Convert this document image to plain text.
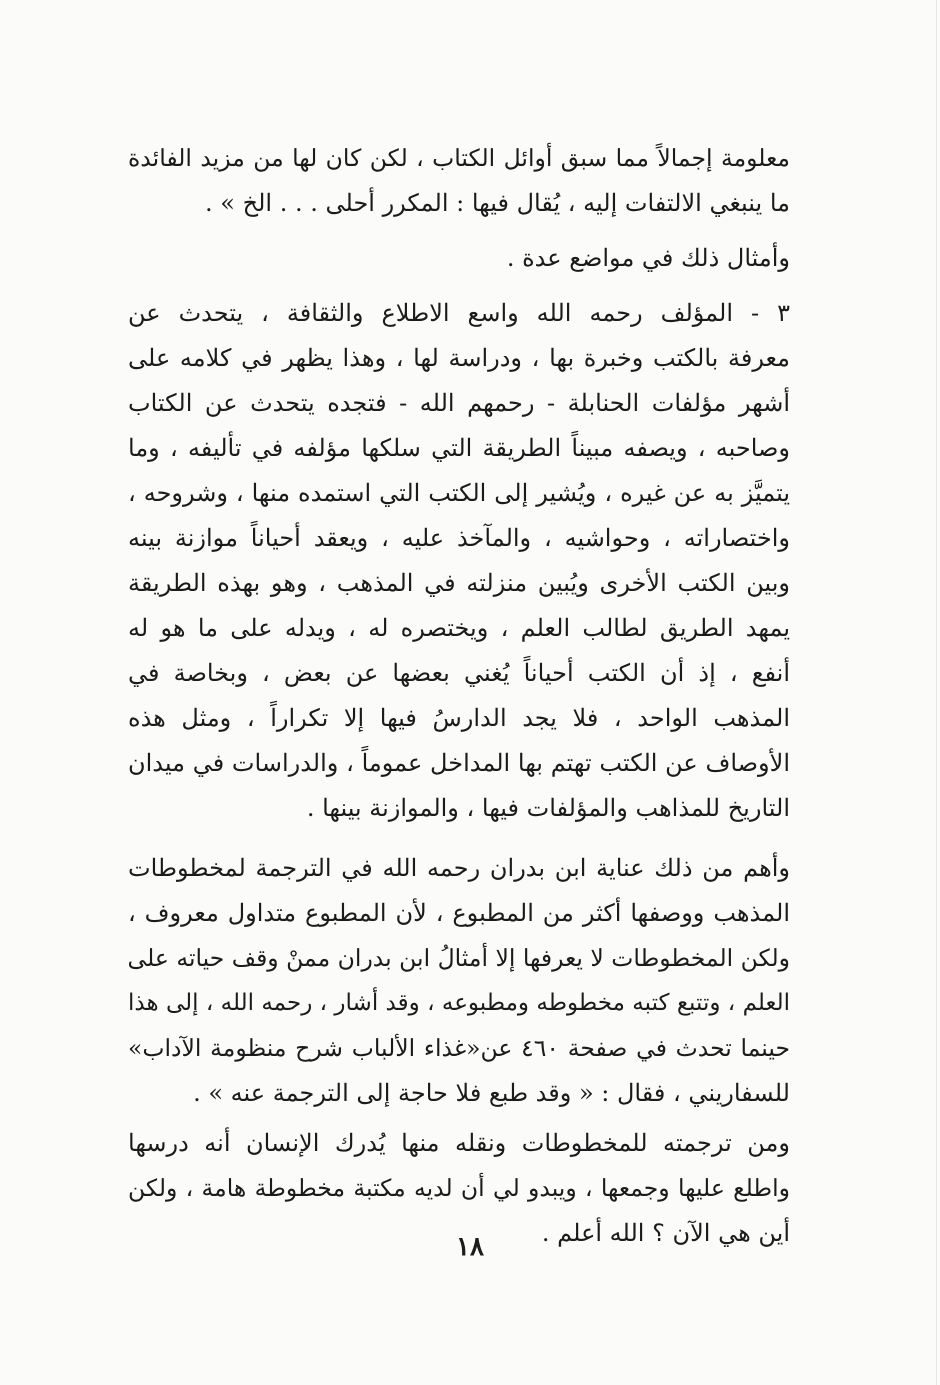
معلومة إجمالاً مما سبق أوائل الكتاب ، لكن كان لها من مزيد الفائدة
ما ينبغي الالتفات إليه ، يُقال فيها : المكرر أحلى . . . الخ » .
وأمثال ذلك في مواضع عدة .
٣ - المؤلف رحمه الله واسع الاطلاع والثقافة ، يتحدث عن
معرفة بالكتب وخبرة بها ، ودراسة لها ، وهذا يظهر في كلامه على
أشهر مؤلفات الحنابلة - رحمهم الله - فتجده يتحدث عن الكتاب
وصاحبه ، ويصفه مبيناً الطريقة التي سلكها مؤلفه في تأليفه ، وما
يتميَّز به عن غيره ، ويُشير إلى الكتب التي استمده منها ، وشروحه ،
واختصاراته ، وحواشيه ، والمآخذ عليه ، ويعقد أحياناً موازنة بينه
وبين الكتب الأخرى ويُبين منزلته في المذهب ، وهو بهذه الطريقة
يمهد الطريق لطالب العلم ، ويختصره له ، ويدله على ما هو له
أنفع ، إذ أن الكتب أحياناً يُغني بعضها عن بعض ، وبخاصة في
المذهب الواحد ، فلا يجد الدارسُ فيها إلا تكراراً ، ومثل هذه
الأوصاف عن الكتب تهتم بها المداخل عموماً ، والدراسات في ميدان
التاريخ للمذاهب والمؤلفات فيها ، والموازنة بينها .
وأهم من ذلك عناية ابن بدران رحمه الله في الترجمة لمخطوطات
المذهب ووصفها أكثر من المطبوع ، لأن المطبوع متداول معروف ،
ولكن المخطوطات لا يعرفها إلا أمثالُ ابن بدران ممنْ وقف حياته على
العلم ، وتتبع كتبه مخطوطه ومطبوعه ، وقد أشار ، رحمه الله ، إلى هذا
حينما تحدث في صفحة ٤٦٠ عن«غذاء الألباب شرح منظومة الآداب»
للسفاريني ، فقال : « وقد طبع فلا حاجة إلى الترجمة عنه » .
ومن ترجمته للمخطوطات ونقله منها يُدرك الإنسان أنه درسها
واطلع عليها وجمعها ، ويبدو لي أن لديه مكتبة مخطوطة هامة ، ولكن
أين هي الآن ؟ الله أعلم .
١٨
